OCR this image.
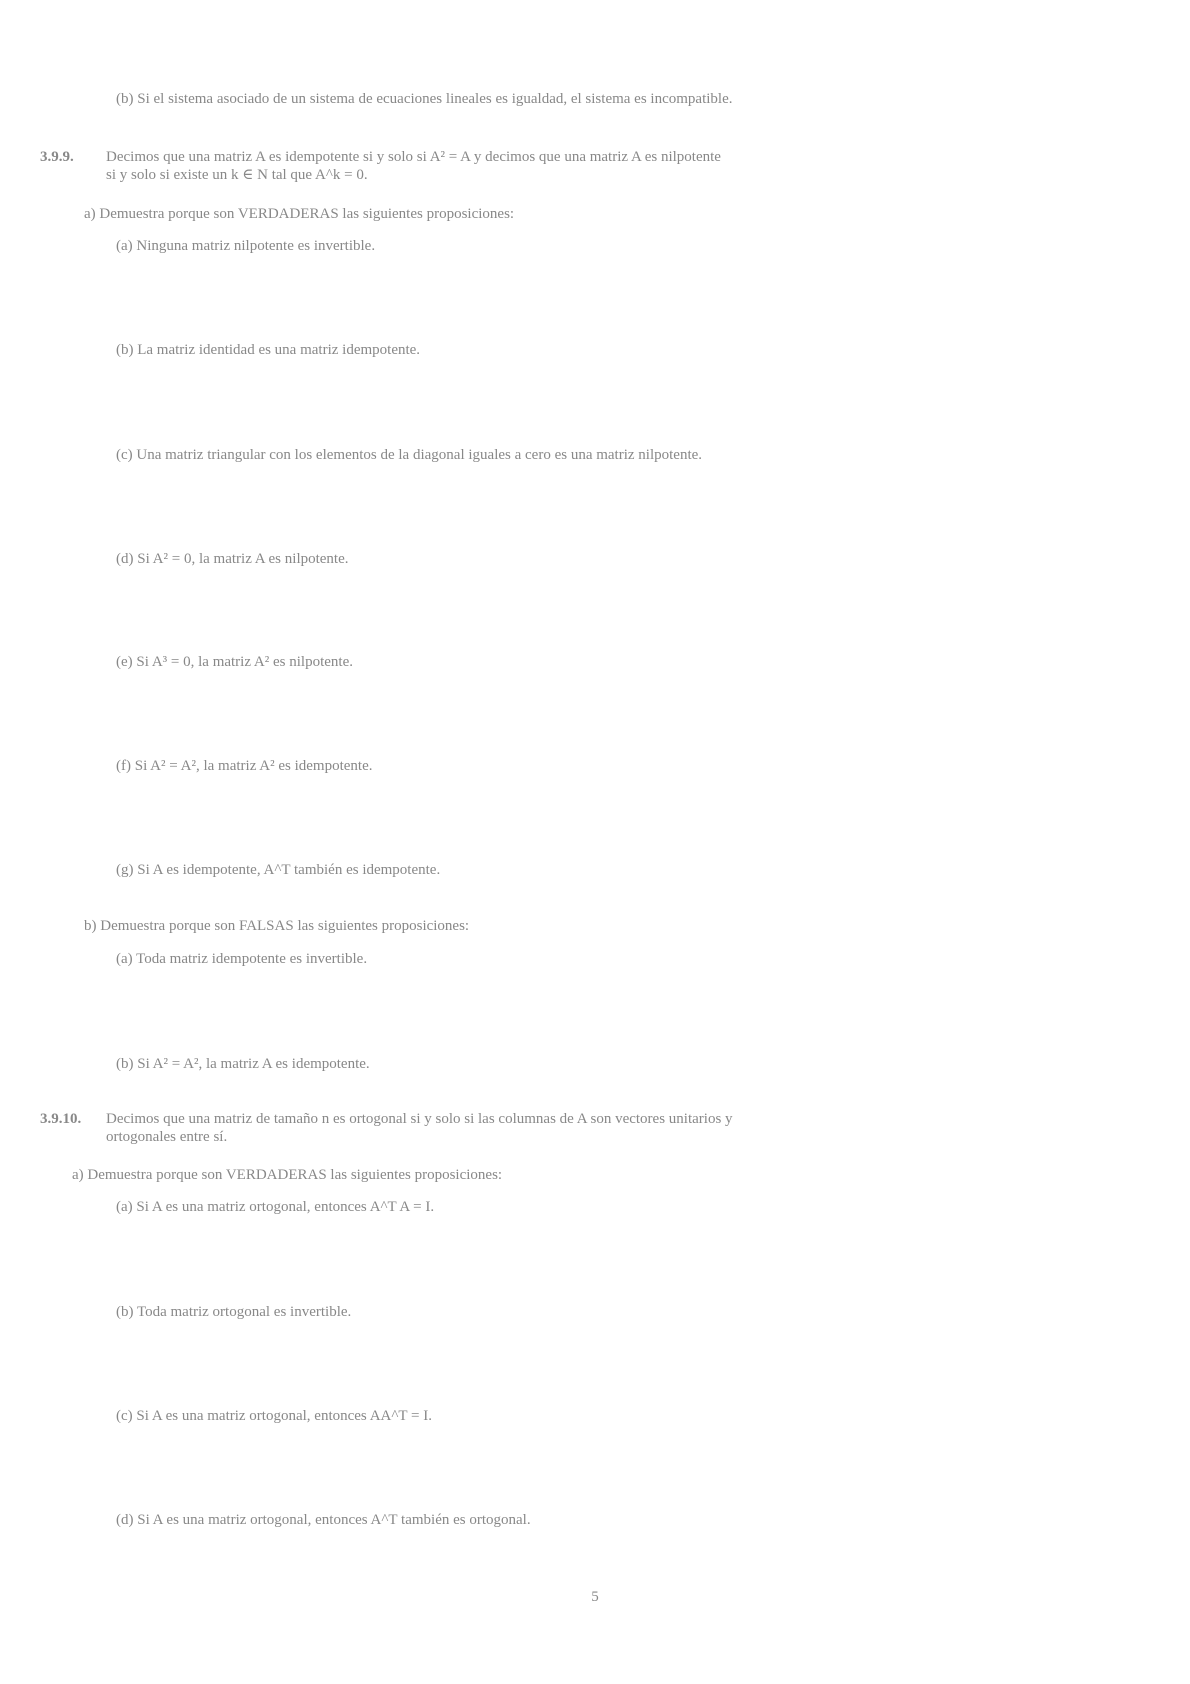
(b) Si el sistema asociado de un sistema de ecuaciones lineales es igualdad, el sistema es incompatible.
3.9.9. Decimos que una matriz A es idempotente si y solo si A² = A y decimos que una matriz A es nilpotente
si y solo si existe un k ∈ N tal que A^k = 0.
a) Demuestra porque son VERDADERAS las siguientes proposiciones:
(a) Ninguna matriz nilpotente es invertible.
(b) La matriz identidad es una matriz idempotente.
(c) Una matriz triangular con los elementos de la diagonal iguales a cero es una matriz nilpotente.
(d) Si A² = 0, la matriz A es nilpotente.
(e) Si A³ = 0, la matriz A² es nilpotente.
(f) Si A² = A², la matriz A² es idempotente.
(g) Si A es idempotente, A^T también es idempotente.
b) Demuestra porque son FALSAS las siguientes proposiciones:
(a) Toda matriz idempotente es invertible.
(b) Si A² = A², la matriz A es idempotente.
3.9.10. Decimos que una matriz de tamaño n es ortogonal si y solo si las columnas de A son vectores unitarios y
ortogonales entre sí.
a) Demuestra porque son VERDADERAS las siguientes proposiciones:
(a) Si A es una matriz ortogonal, entonces A^T A = I.
(b) Toda matriz ortogonal es invertible.
(c) Si A es una matriz ortogonal, entonces AA^T = I.
(d) Si A es una matriz ortogonal, entonces A^T también es ortogonal.
5
